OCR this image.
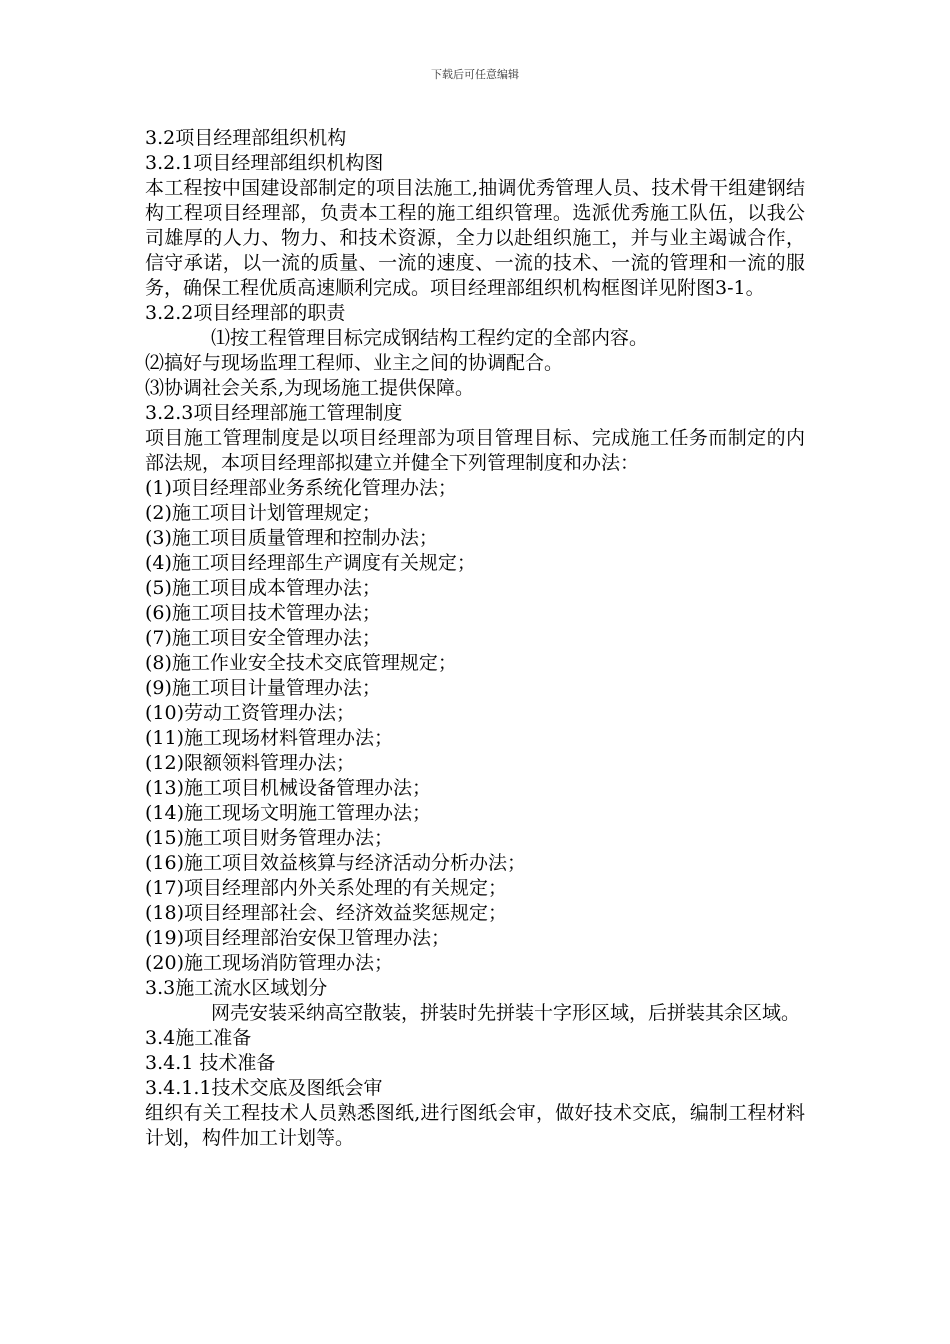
下载后可任意编辑

3.2项目经理部组织机构

3.2.1项目经理部组织机构图

本工程按中国建设部制定的项目法施工,抽调优秀管理人员、技术骨干组建钢结构工程项目经理部，负责本工程的施工组织管理。选派优秀施工队伍，以我公司雄厚的人力、物力、和技术资源，全力以赴组织施工，并与业主竭诚合作，信守承诺，以一流的质量、一流的速度、一流的技术、一流的管理和一流的服务，确保工程优质高速顺利完成。项目经理部组织机构框图详见附图3-1。

3.2.2项目经理部的职责

⑴按工程管理目标完成钢结构工程约定的全部内容。

⑵搞好与现场监理工程师、业主之间的协调配合。

⑶协调社会关系,为现场施工提供保障。

3.2.3项目经理部施工管理制度

项目施工管理制度是以项目经理部为项目管理目标、完成施工任务而制定的内部法规，本项目经理部拟建立并健全下列管理制度和办法：

(1)项目经理部业务系统化管理办法；

(2)施工项目计划管理规定；

(3)施工项目质量管理和控制办法；

(4)施工项目经理部生产调度有关规定；

(5)施工项目成本管理办法；

(6)施工项目技术管理办法；

(7)施工项目安全管理办法；

(8)施工作业安全技术交底管理规定；

(9)施工项目计量管理办法；

(10)劳动工资管理办法；

(11)施工现场材料管理办法；

(12)限额领料管理办法；

(13)施工项目机械设备管理办法；

(14)施工现场文明施工管理办法；

(15)施工项目财务管理办法；

(16)施工项目效益核算与经济活动分析办法；

(17)项目经理部内外关系处理的有关规定；

(18)项目经理部社会、经济效益奖惩规定；

(19)项目经理部治安保卫管理办法；

(20)施工现场消防管理办法；

3.3施工流水区域划分

网壳安装采纳高空散装，拼装时先拼装十字形区域，后拼装其余区域。

3.4施工准备

3.4.1 技术准备

3.4.1.1技术交底及图纸会审

组织有关工程技术人员熟悉图纸,进行图纸会审，做好技术交底，编制工程材料计划，构件加工计划等。
